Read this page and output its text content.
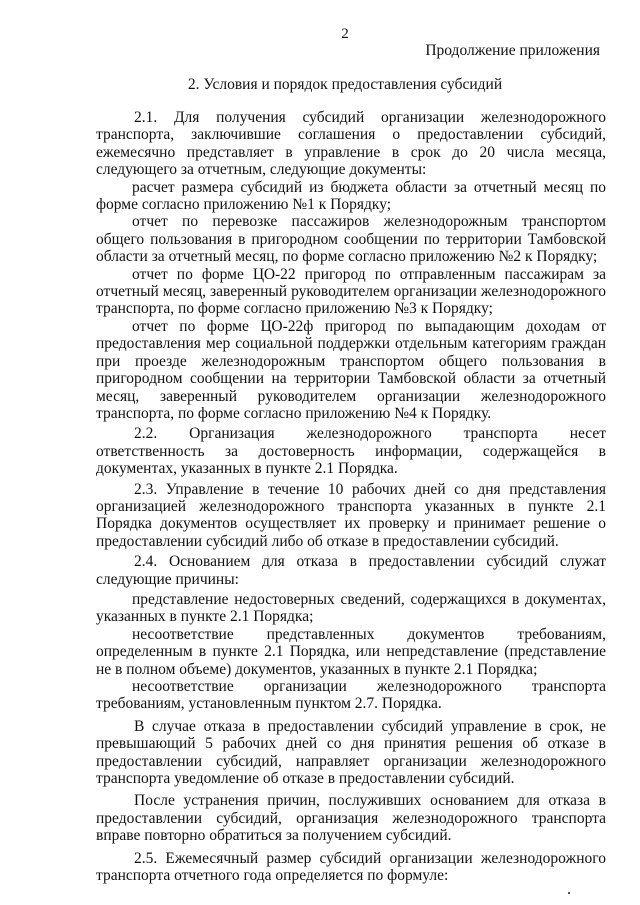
2
Продолжение приложения
2. Условия и порядок предоставления субсидий

2.1. Для получения субсидий организации железнодорожного транспорта, заключившие соглашения о предоставлении субсидий, ежемесячно представляет в управление в срок до 20 числа месяца, следующего за отчетным, следующие документы:

расчет размера субсидий из бюджета области за отчетный месяц по форме согласно приложению №1 к Порядку;

отчет по перевозке пассажиров железнодорожным транспортом общего пользования в пригородном сообщении по территории Тамбовской области за отчетный месяц, по форме согласно приложению №2 к Порядку;

отчет по форме ЦО-22 пригород по отправленным пассажирам за отчетный месяц, заверенный руководителем организации железнодорожного транспорта, по форме согласно приложению №3 к Порядку;

отчет по форме ЦО-22ф пригород по выпадающим доходам от предоставления мер социальной поддержки отдельным категориям граждан при проезде железнодорожным транспортом общего пользования в пригородном сообщении на территории Тамбовской области за отчетный месяц, заверенный руководителем организации железнодорожного транспорта, по форме согласно приложению №4 к Порядку.

2.2. Организация железнодорожного транспорта несет ответственность за достоверность информации, содержащейся в документах, указанных в пункте 2.1 Порядка.

2.3. Управление в течение 10 рабочих дней со дня представления организацией железнодорожного транспорта указанных в пункте 2.1 Порядка документов осуществляет их проверку и принимает решение о предоставлении субсидий либо об отказе в предоставлении субсидий.

2.4. Основанием для отказа в предоставлении субсидий служат следующие причины:

представление недостоверных сведений, содержащихся в документах, указанных в пункте 2.1 Порядка;

несоответствие представленных документов требованиям, определенным в пункте 2.1 Порядка, или непредставление (представление не в полном объеме) документов, указанных в пункте 2.1 Порядка;

несоответствие организации железнодорожного транспорта требованиям, установленным пунктом 2.7. Порядка.

В случае отказа в предоставлении субсидий управление в срок, не превышающий 5 рабочих дней со дня принятия решения об отказе в предоставлении субсидий, направляет организации железнодорожного транспорта уведомление об отказе в предоставлении субсидий.

После устранения причин, послуживших основанием для отказа в предоставлении субсидий, организация железнодорожного транспорта вправе повторно обратиться за получением субсидий.

2.5. Ежемесячный размер субсидий организации железнодорожного транспорта отчетного года определяется по формуле:
